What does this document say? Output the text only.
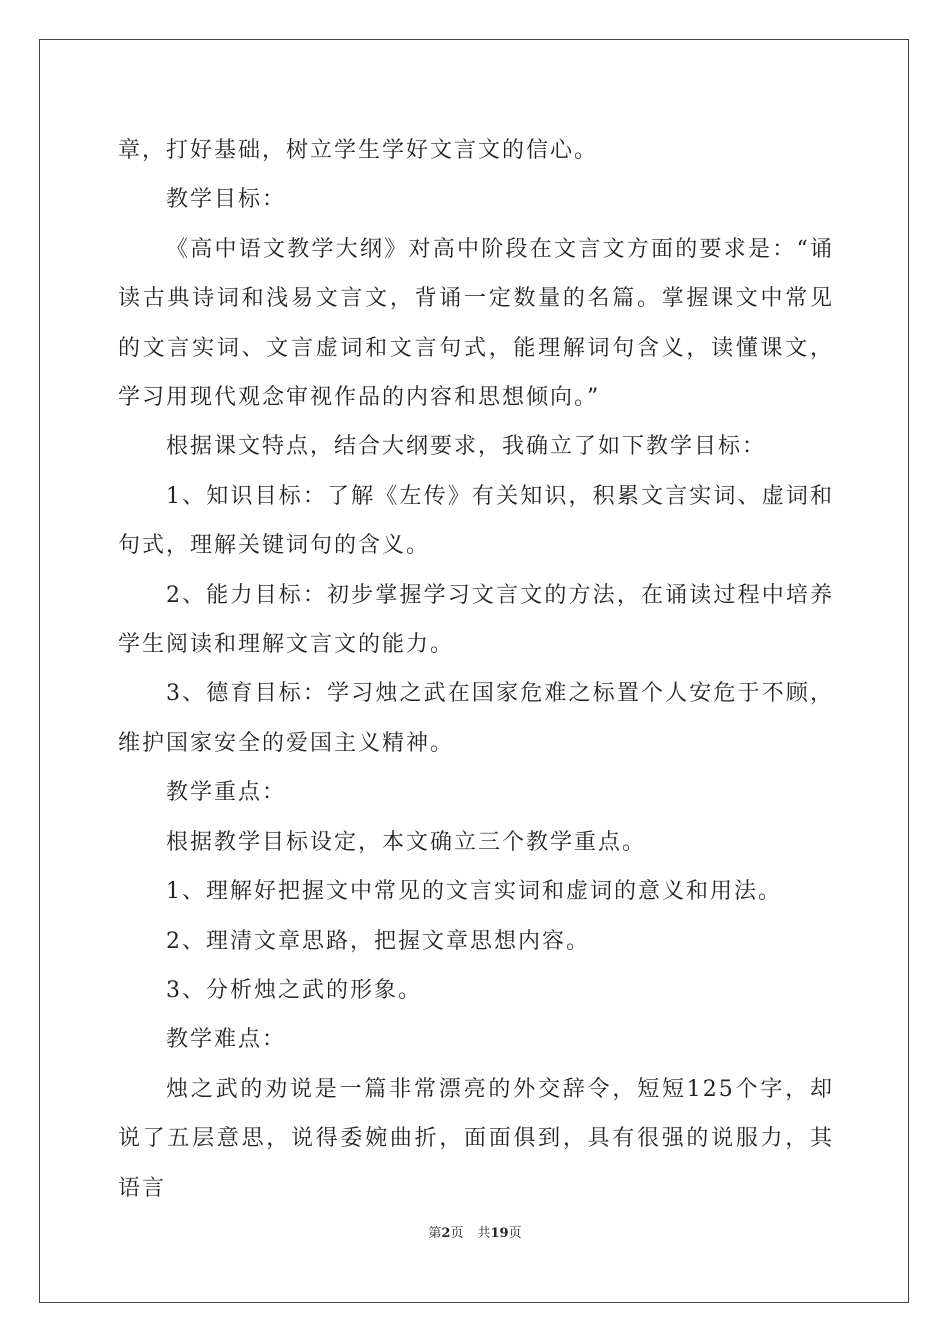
章，打好基础，树立学生学好文言文的信心。

教学目标：

《高中语文教学大纲》对高中阶段在文言文方面的要求是：“诵读古典诗词和浅易文言文，背诵一定数量的名篇。掌握课文中常见的文言实词、文言虚词和文言句式，能理解词句含义，读懂课文，学习用现代观念审视作品的内容和思想倾向。”

根据课文特点，结合大纲要求，我确立了如下教学目标：

1、知识目标：了解《左传》有关知识，积累文言实词、虚词和句式，理解关键词句的含义。

2、能力目标：初步掌握学习文言文的方法，在诵读过程中培养学生阅读和理解文言文的能力。

3、德育目标：学习烛之武在国家危难之标置个人安危于不顾，维护国家安全的爱国主义精神。

教学重点：

根据教学目标设定，本文确立三个教学重点。

1、理解好把握文中常见的文言实词和虚词的意义和用法。

2、理清文章思路，把握文章思想内容。

3、分析烛之武的形象。

教学难点：

烛之武的劝说是一篇非常漂亮的外交辞令，短短125个字，却说了五层意思，说得委婉曲折，面面俱到，具有很强的说服力，其语言

第2页 共19页
